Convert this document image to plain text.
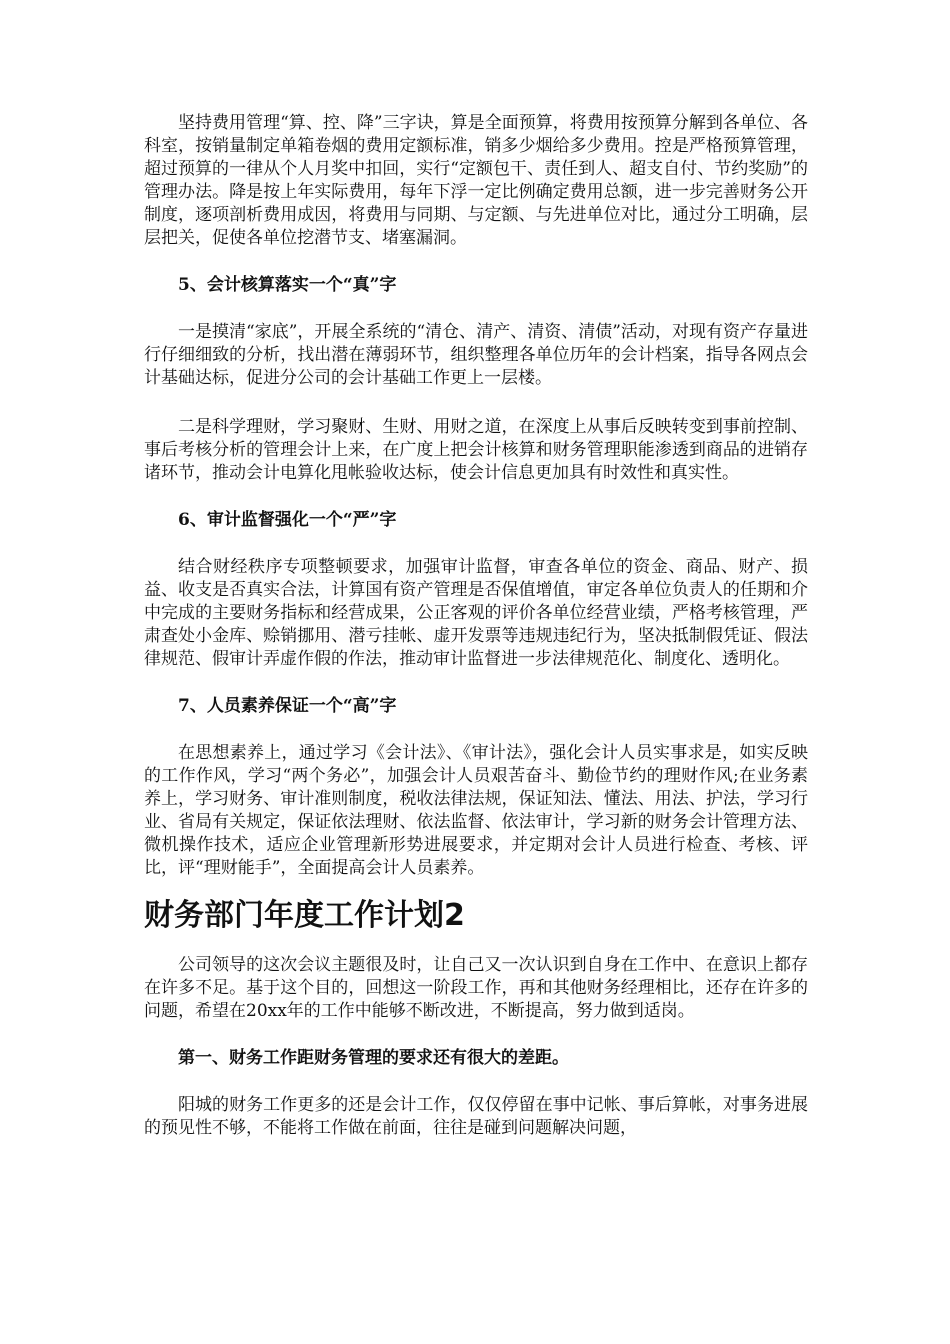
坚持费用管理“算、控、降”三字诀，算是全面预算，将费用按预算分解到各单位、各科室，按销量制定单箱卷烟的费用定额标准，销多少烟给多少费用。控是严格预算管理，超过预算的一律从个人月奖中扣回，实行“定额包干、责任到人、超支自付、节约奖励”的管理办法。降是按上年实际费用，每年下浮一定比例确定费用总额，进一步完善财务公开制度，逐项剖析费用成因，将费用与同期、与定额、与先进单位对比，通过分工明确，层层把关，促使各单位挖潜节支、堵塞漏洞。

5、会计核算落实一个“真”字

一是摸清“家底”，开展全系统的“清仓、清产、清资、清债”活动，对现有资产存量进行仔细细致的分析，找出潜在薄弱环节，组织整理各单位历年的会计档案，指导各网点会计基础达标，促进分公司的会计基础工作更上一层楼。

二是科学理财，学习聚财、生财、用财之道，在深度上从事后反映转变到事前控制、事后考核分析的管理会计上来，在广度上把会计核算和财务管理职能渗透到商品的进销存诸环节，推动会计电算化甩帐验收达标，使会计信息更加具有时效性和真实性。

6、审计监督强化一个“严”字

结合财经秩序专项整顿要求，加强审计监督，审查各单位的资金、商品、财产、损益、收支是否真实合法，计算国有资产管理是否保值增值，审定各单位负责人的任期和介中完成的主要财务指标和经营成果，公正客观的评价各单位经营业绩，严格考核管理，严肃查处小金库、赊销挪用、潜亏挂帐、虚开发票等违规违纪行为，坚决抵制假凭证、假法律规范、假审计弄虚作假的作法，推动审计监督进一步法律规范化、制度化、透明化。

7、人员素养保证一个“高”字

在思想素养上，通过学习《会计法》、《审计法》，强化会计人员实事求是，如实反映的工作作风，学习“两个务必”，加强会计人员艰苦奋斗、勤俭节约的理财作风;在业务素养上，学习财务、审计准则制度，税收法律法规，保证知法、懂法、用法、护法，学习行业、省局有关规定，保证依法理财、依法监督、依法审计，学习新的财务会计管理方法、微机操作技术，适应企业管理新形势进展要求，并定期对会计人员进行检查、考核、评比，评“理财能手”，全面提高会计人员素养。

财务部门年度工作计划2

公司领导的这次会议主题很及时，让自己又一次认识到自身在工作中、在意识上都存在许多不足。基于这个目的，回想这一阶段工作，再和其他财务经理相比，还存在许多的问题，希望在20xx年的工作中能够不断改进，不断提高，努力做到适岗。

第一、财务工作距财务管理的要求还有很大的差距。

阳城的财务工作更多的还是会计工作，仅仅停留在事中记帐、事后算帐，对事务进展的预见性不够，不能将工作做在前面，往往是碰到问题解决问题，
